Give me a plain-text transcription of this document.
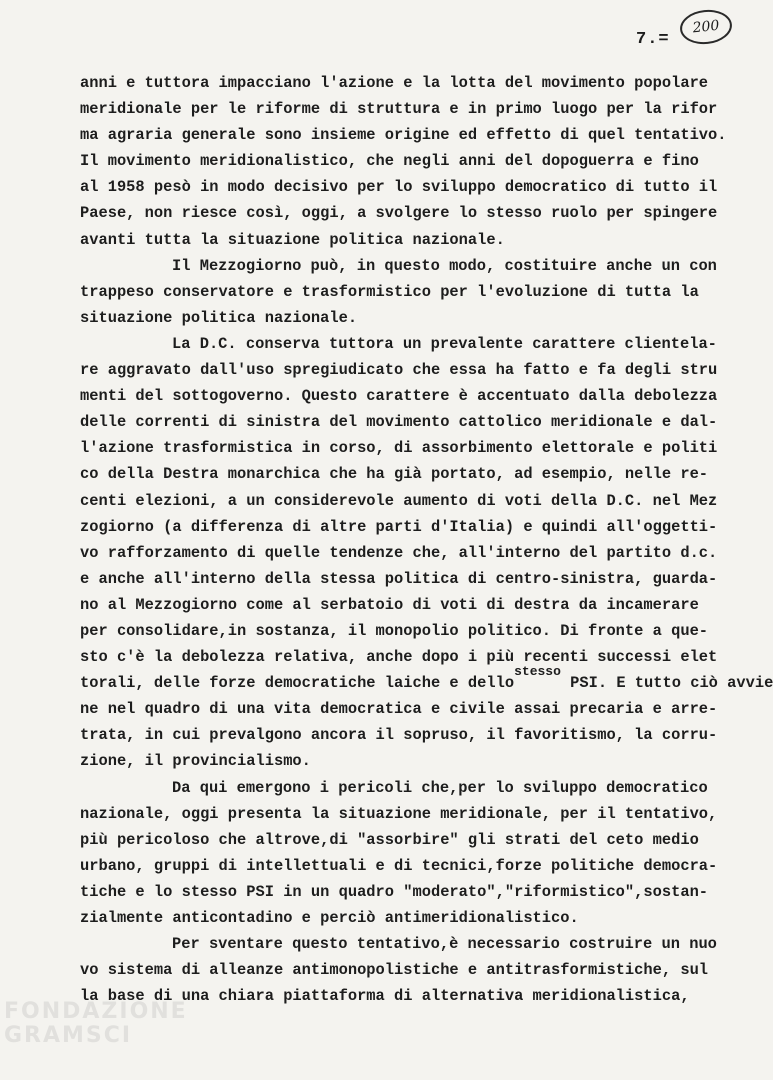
7.=
200
anni e tuttora impacciano l'azione e la lotta del movimento popolare
meridionale per le riforme di struttura e in primo luogo per la rifor
ma agraria generale sono insieme origine ed effetto di quel tentativo.
Il movimento meridionalistico, che negli anni del dopoguerra e fino
al 1958 pesò in modo decisivo per lo sviluppo democratico di tutto il
Paese, non riesce così, oggi, a svolgere lo stesso ruolo per spingere
avanti tutta la situazione politica nazionale.
Il Mezzogiorno può, in questo modo, costituire anche un con
trappeso conservatore e trasformistico per l'evoluzione di tutta la
situazione politica nazionale.
La D.C. conserva tuttora un prevalente carattere clientela-
re aggravato dall'uso spregiudicato che essa ha fatto e fa degli stru
menti del sottogoverno. Questo carattere è accentuato dalla debolezza
delle correnti di sinistra del movimento cattolico meridionale e dal-
l'azione trasformistica in corso, di assorbimento elettorale e politi
co della Destra monarchica che ha già portato, ad esempio, nelle re-
centi elezioni, a un considerevole aumento di voti della D.C. nel Mez
zogiorno (a differenza di altre parti d'Italia) e quindi all'oggetti-
vo rafforzamento di quelle tendenze che, all'interno del partito d.c.
e anche all'interno della stessa politica di centro-sinistra, guarda-
no al Mezzogiorno come al serbatoio di voti di destra da incamerare
per consolidare,in sostanza, il monopolio politico. Di fronte a que-
sto c'è la debolezza relativa, anche dopo i più recenti successi elet
torali, delle forze democratiche laiche e dello$^{stesso}$ PSI. E tutto ciò avvie
ne nel quadro di una vita democratica e civile assai precaria e arre-
trata, in cui prevalgono ancora il sopruso, il favoritismo, la corru-
zione, il provincialismo.
Da qui emergono i pericoli che,per lo sviluppo democratico
nazionale, oggi presenta la situazione meridionale, per il tentativo,
più pericoloso che altrove,di "assorbire" gli strati del ceto medio
urbano, gruppi di intellettuali e di tecnici,forze politiche democra-
tiche e lo stesso PSI in un quadro "moderato","riformistico",sostan-
zialmente anticontadino e perciò antimeridionalistico.
Per sventare questo tentativo,è necessario costruire un nuo
vo sistema di alleanze antimonopolistiche e antitrasformistiche, sul
la base di una chiara piattaforma di alternativa meridionalistica,
FONDAZIONE
GRAMSCI
